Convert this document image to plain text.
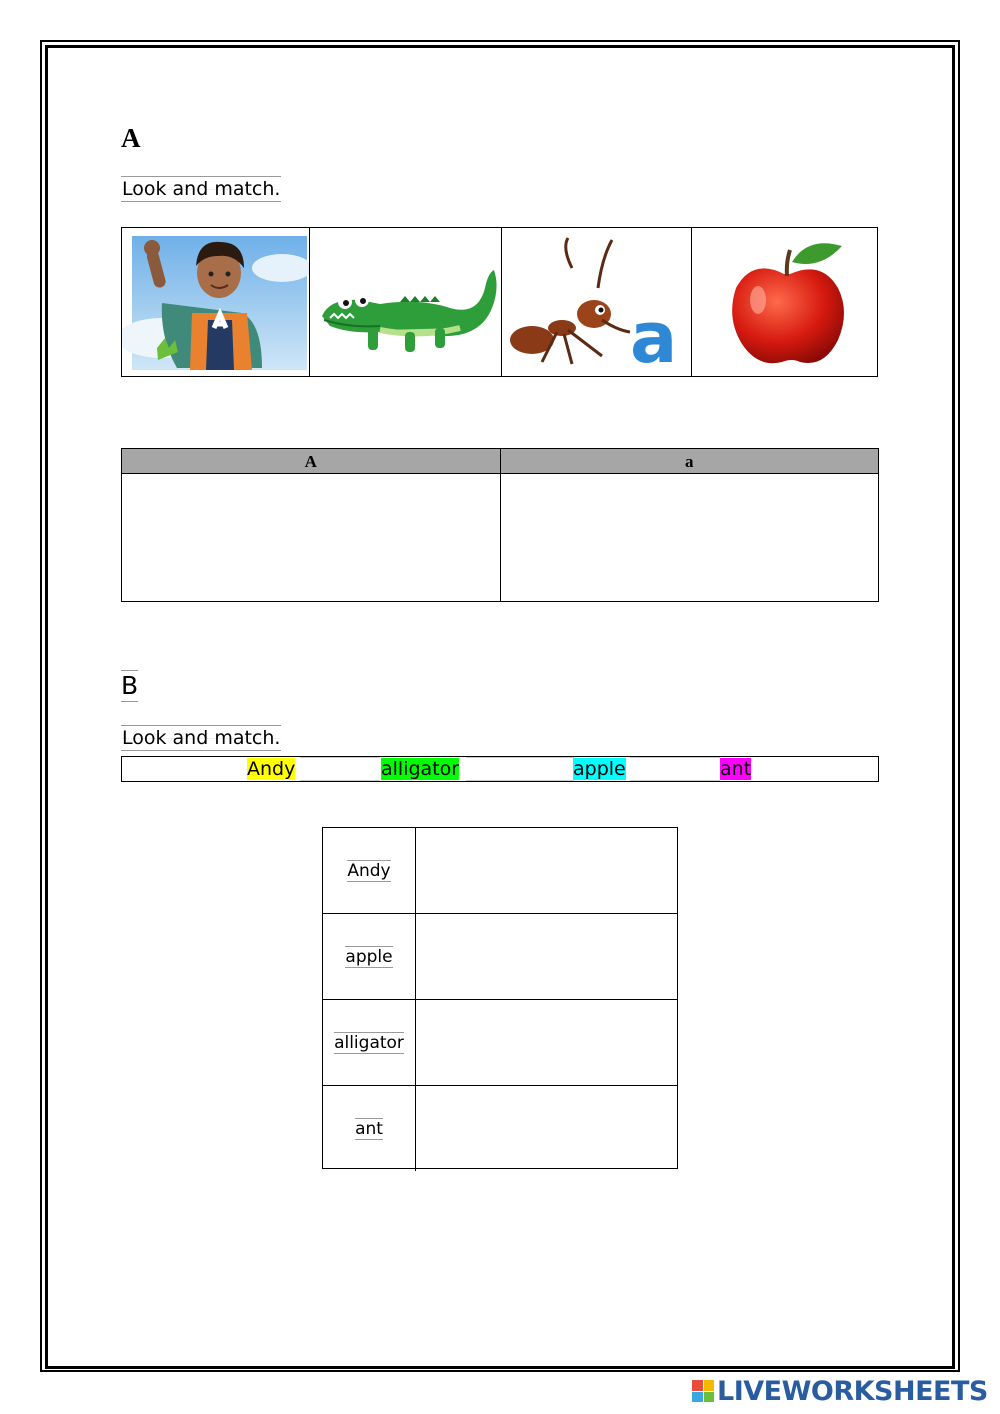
A
Look and match.
a
A	a
B
Look and match.
Andy	alligator	apple	ant
Andy
apple
alligator
ant
LIVEWORKSHEETS
